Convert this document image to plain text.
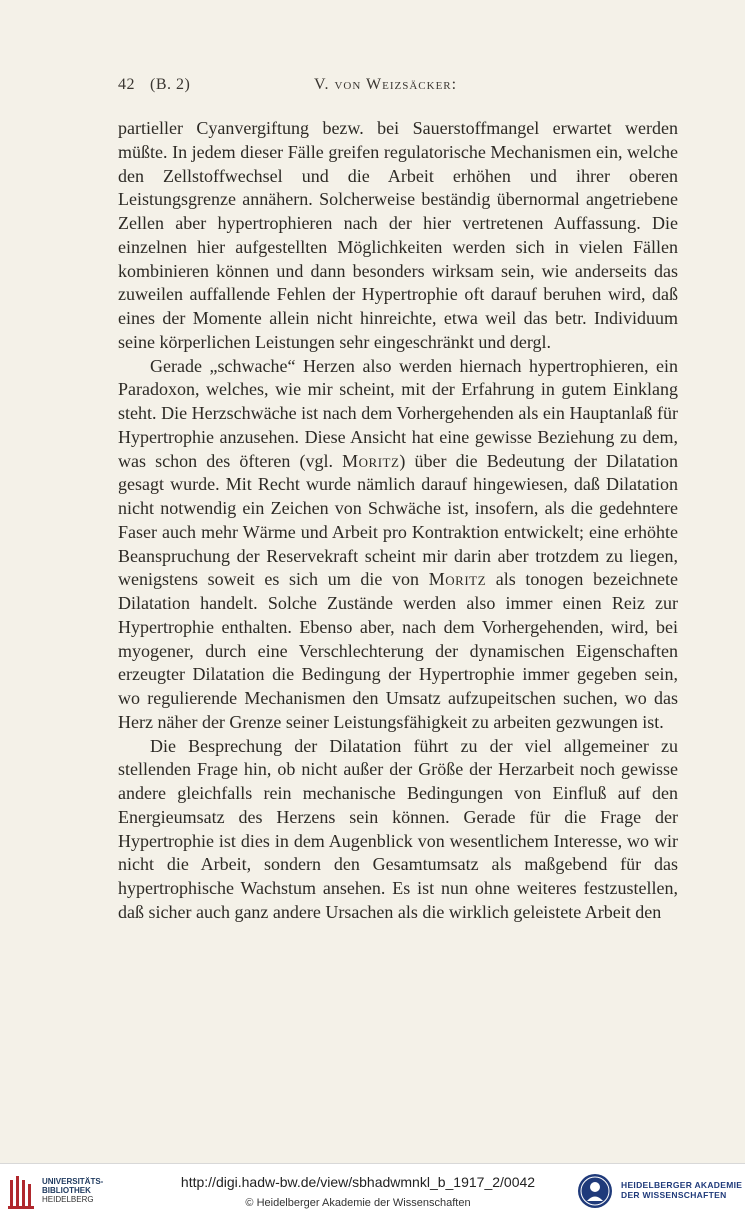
42 (B. 2)	V. von Weizsäcker:

partieller Cyanvergiftung bezw. bei Sauerstoffmangel erwartet werden müßte. In jedem dieser Fälle greifen regulatorische Mechanismen ein, welche den Zellstoffwechsel und die Arbeit erhöhen und ihrer oberen Leistungsgrenze annähern. Solcherweise beständig übernormal angetriebene Zellen aber hypertrophieren nach der hier vertretenen Auffassung. Die einzelnen hier aufgestellten Möglichkeiten werden sich in vielen Fällen kombinieren können und dann besonders wirksam sein, wie anderseits das zuweilen auffallende Fehlen der Hypertrophie oft darauf beruhen wird, daß eines der Momente allein nicht hinreichte, etwa weil das betr. Individuum seine körperlichen Leistungen sehr eingeschränkt und dergl.

Gerade „schwache“ Herzen also werden hiernach hypertrophieren, ein Paradoxon, welches, wie mir scheint, mit der Erfahrung in gutem Einklang steht. Die Herzschwäche ist nach dem Vorhergehenden als ein Hauptanlaß für Hypertrophie anzusehen. Diese Ansicht hat eine gewisse Beziehung zu dem, was schon des öfteren (vgl. Moritz) über die Bedeutung der Dilatation gesagt wurde. Mit Recht wurde nämlich darauf hingewiesen, daß Dilatation nicht notwendig ein Zeichen von Schwäche ist, insofern, als die gedehntere Faser auch mehr Wärme und Arbeit pro Kontraktion entwickelt; eine erhöhte Beanspruchung der Reservekraft scheint mir darin aber trotzdem zu liegen, wenigstens soweit es sich um die von Moritz als tonogen bezeichnete Dilatation handelt. Solche Zustände werden also immer einen Reiz zur Hypertrophie enthalten. Ebenso aber, nach dem Vorhergehenden, wird, bei myogener, durch eine Verschlechterung der dynamischen Eigenschaften erzeugter Dilatation die Bedingung der Hypertrophie immer gegeben sein, wo regulierende Mechanismen den Umsatz aufzupeitschen suchen, wo das Herz näher der Grenze seiner Leistungsfähigkeit zu arbeiten gezwungen ist.

Die Besprechung der Dilatation führt zu der viel allgemeiner zu stellenden Frage hin, ob nicht außer der Größe der Herzarbeit noch gewisse andere gleichfalls rein mechanische Bedingungen von Einfluß auf den Energieumsatz des Herzens sein können. Gerade für die Frage der Hypertrophie ist dies in dem Augenblick von wesentlichem Interesse, wo wir nicht die Arbeit, sondern den Gesamtumsatz als maßgebend für das hypertrophische Wachstum ansehen. Es ist nun ohne weiteres festzustellen, daß sicher auch ganz andere Ursachen als die wirklich geleistete Arbeit den

UNIVERSITÄTS-
BIBLIOTHEK
HEIDELBERG
http://digi.hadw-bw.de/view/sbhadwmnkl_b_1917_2/0042
© Heidelberger Akademie der Wissenschaften
HEIDELBERGER AKADEMIE
DER WISSENSCHAFTEN
